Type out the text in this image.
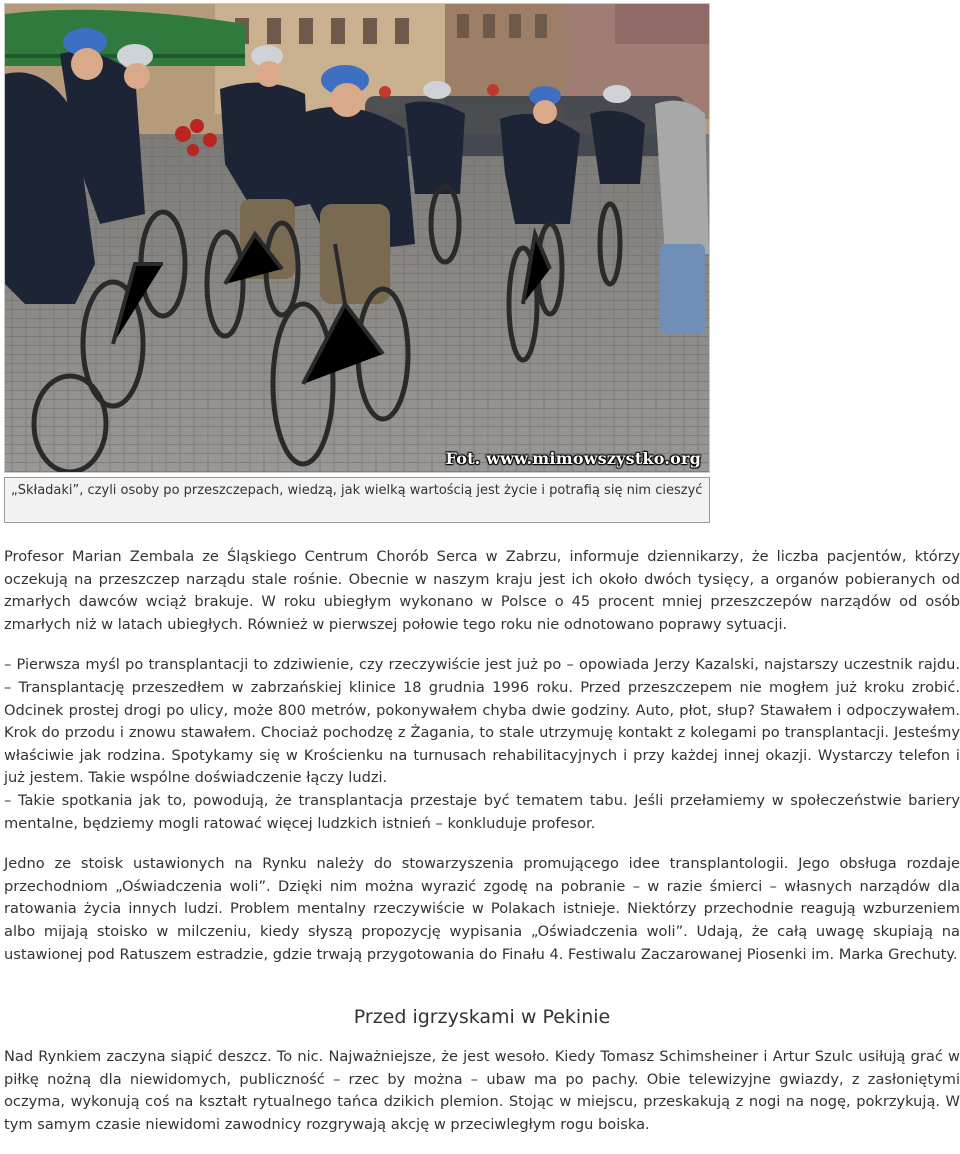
Fot. www.mimowszystko.org
„Składaki”, czyli osoby po przeszczepach, wiedzą, jak wielką wartością jest życie i potrafią się nim cieszyć

Profesor Marian Zembala ze Śląskiego Centrum Chorób Serca w Zabrzu, informuje dziennikarzy, że liczba pacjentów, którzy oczekują na przeszczep narządu stale rośnie. Obecnie w naszym kraju jest ich około dwóch tysięcy, a organów pobieranych od zmarłych dawców wciąż brakuje. W roku ubiegłym wykonano w Polsce o 45 procent mniej przeszczepów narządów od osób zmarłych niż w latach ubiegłych. Również w pierwszej połowie tego roku nie odnotowano poprawy sytuacji.

– Pierwsza myśl po transplantacji to zdziwienie, czy rzeczywiście jest już po – opowiada Jerzy Kazalski, najstarszy uczestnik rajdu. – Transplantację przeszedłem w zabrzańskiej klinice 18 grudnia 1996 roku. Przed przeszczepem nie mogłem już kroku zrobić. Odcinek prostej drogi po ulicy, może 800 metrów, pokonywałem chyba dwie godziny. Auto, płot, słup? Stawałem i odpoczywałem. Krok do przodu i znowu stawałem. Chociaż pochodzę z Żagania, to stale utrzymuję kontakt z kolegami po transplantacji. Jesteśmy właściwie jak rodzina. Spotykamy się w Krościenku na turnusach rehabilitacyjnych i przy każdej innej okazji. Wystarczy telefon i już jestem. Takie wspólne doświadczenie łączy ludzi.

– Takie spotkania jak to, powodują, że transplantacja przestaje być tematem tabu. Jeśli przełamiemy w społeczeństwie bariery mentalne, będziemy mogli ratować więcej ludzkich istnień – konkluduje profesor.

Jedno ze stoisk ustawionych na Rynku należy do stowarzyszenia promującego idee transplantologii. Jego obsługa rozdaje przechodniom „Oświadczenia woli”. Dzięki nim można wyrazić zgodę na pobranie – w razie śmierci – własnych narządów dla ratowania życia innych ludzi. Problem mentalny rzeczywiście w Polakach istnieje. Niektórzy przechodnie reagują wzburzeniem albo mijają stoisko w milczeniu, kiedy słyszą propozycję wypisania „Oświadczenia woli”. Udają, że całą uwagę skupiają na ustawionej pod Ratuszem estradzie, gdzie trwają przygotowania do Finału 4. Festiwalu Zaczarowanej Piosenki im. Marka Grechuty.

Przed igrzyskami w Pekinie

Nad Rynkiem zaczyna siąpić deszcz. To nic. Najważniejsze, że jest wesoło. Kiedy Tomasz Schimsheiner i Artur Szulc usiłują grać w piłkę nożną dla niewidomych, publiczność – rzec by można – ubaw ma po pachy. Obie telewizyjne gwiazdy, z zasłoniętymi oczyma, wykonują coś na kształt rytualnego tańca dzikich plemion. Stojąc w miejscu, przeskakują z nogi na nogę, pokrzykują. W tym samym czasie niewidomi zawodnicy rozgrywają akcję w przeciwległym rogu boiska.
